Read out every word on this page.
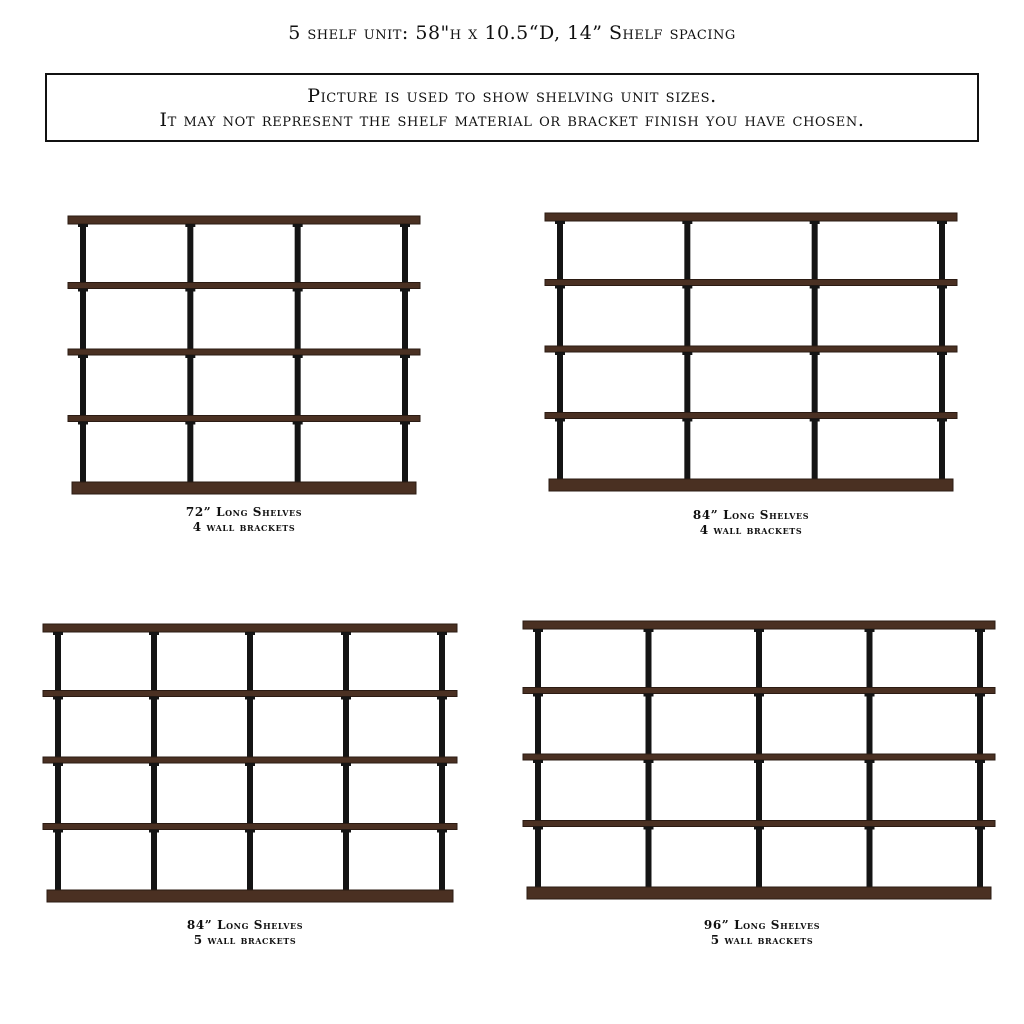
5 shelf unit: 58"h x 10.5“D, 14” Shelf spacing
Picture is used to show shelving unit sizes.
It may not represent the shelf material or bracket finish you have chosen.
72” Long Shelves
4 wall brackets
84” Long Shelves
4 wall brackets
84” Long Shelves
5 wall brackets
96” Long Shelves
5 wall brackets
